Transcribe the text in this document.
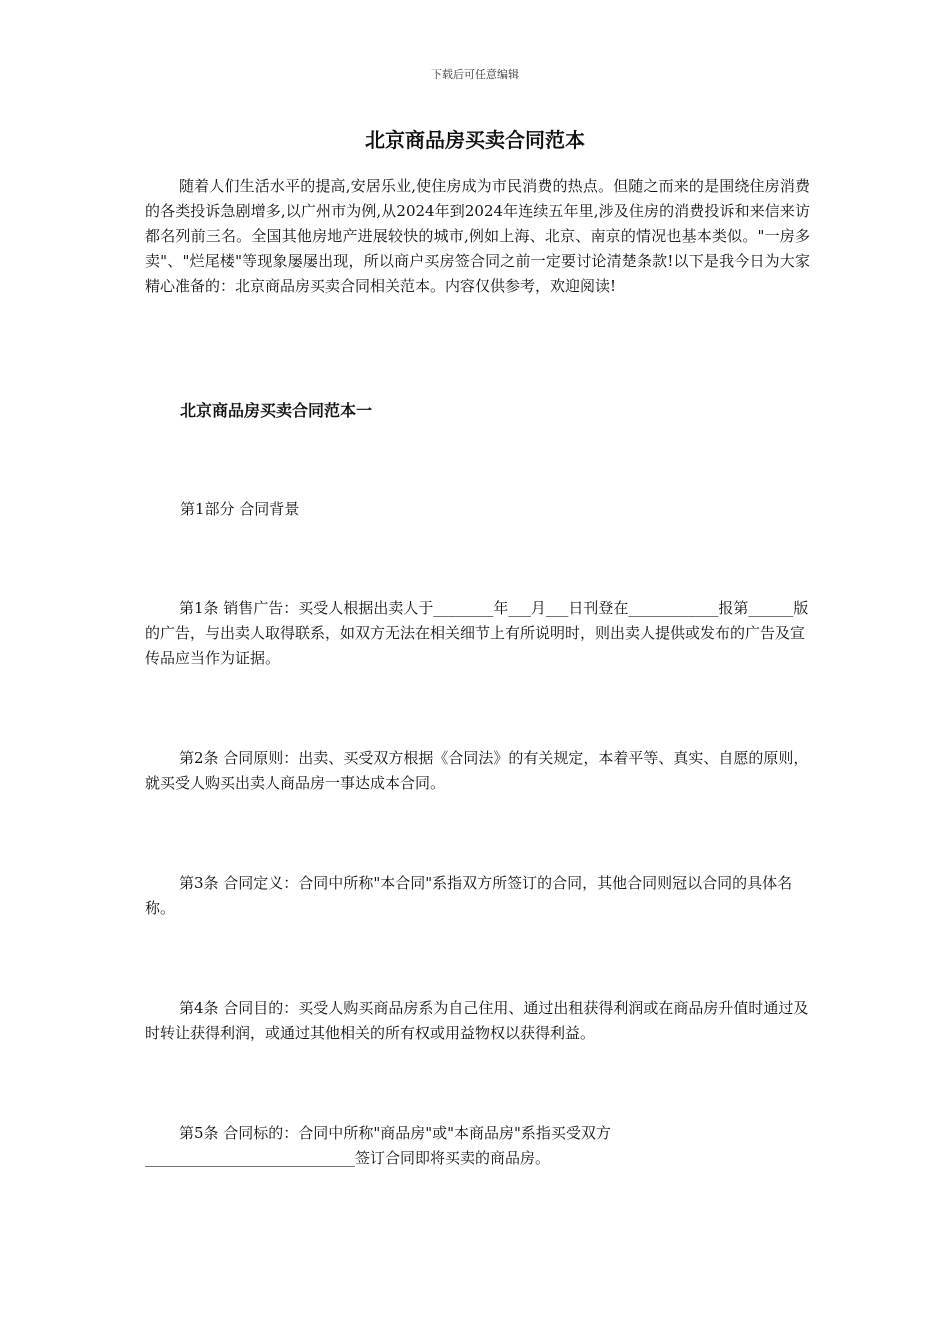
下载后可任意编辑
北京商品房买卖合同范本

随着人们生活水平的提高,安居乐业,使住房成为市民消费的热点。但随之而来的是围绕住房消费的各类投诉急剧增多,以广州市为例,从2024年到2024年连续五年里,涉及住房的消费投诉和来信来访都名列前三名。全国其他房地产进展较快的城市,例如上海、北京、南京的情况也基本类似。"一房多卖"、"烂尾楼"等现象屡屡出现，所以商户买房签合同之前一定要讨论清楚条款!以下是我今日为大家精心准备的：北京商品房买卖合同相关范本。内容仅供参考，欢迎阅读!

北京商品房买卖合同范本一
第1部分 合同背景

第1条 销售广告：买受人根据出卖人于________年___月___日刊登在____________报第______版的广告，与出卖人取得联系，如双方无法在相关细节上有所说明时，则出卖人提供或发布的广告及宣传品应当作为证据。

第2条 合同原则：出卖、买受双方根据《合同法》的有关规定，本着平等、真实、自愿的原则，就买受人购买出卖人商品房一事达成本合同。

第3条 合同定义：合同中所称"本合同"系指双方所签订的合同，其他合同则冠以合同的具体名称。

第4条 合同目的：买受人购买商品房系为自己住用、通过出租获得利润或在商品房升值时通过及时转让获得利润，或通过其他相关的所有权或用益物权以获得利益。

第5条 合同标的：合同中所称"商品房"或"本商品房"系指买受双方____________________________签订合同即将买卖的商品房。
